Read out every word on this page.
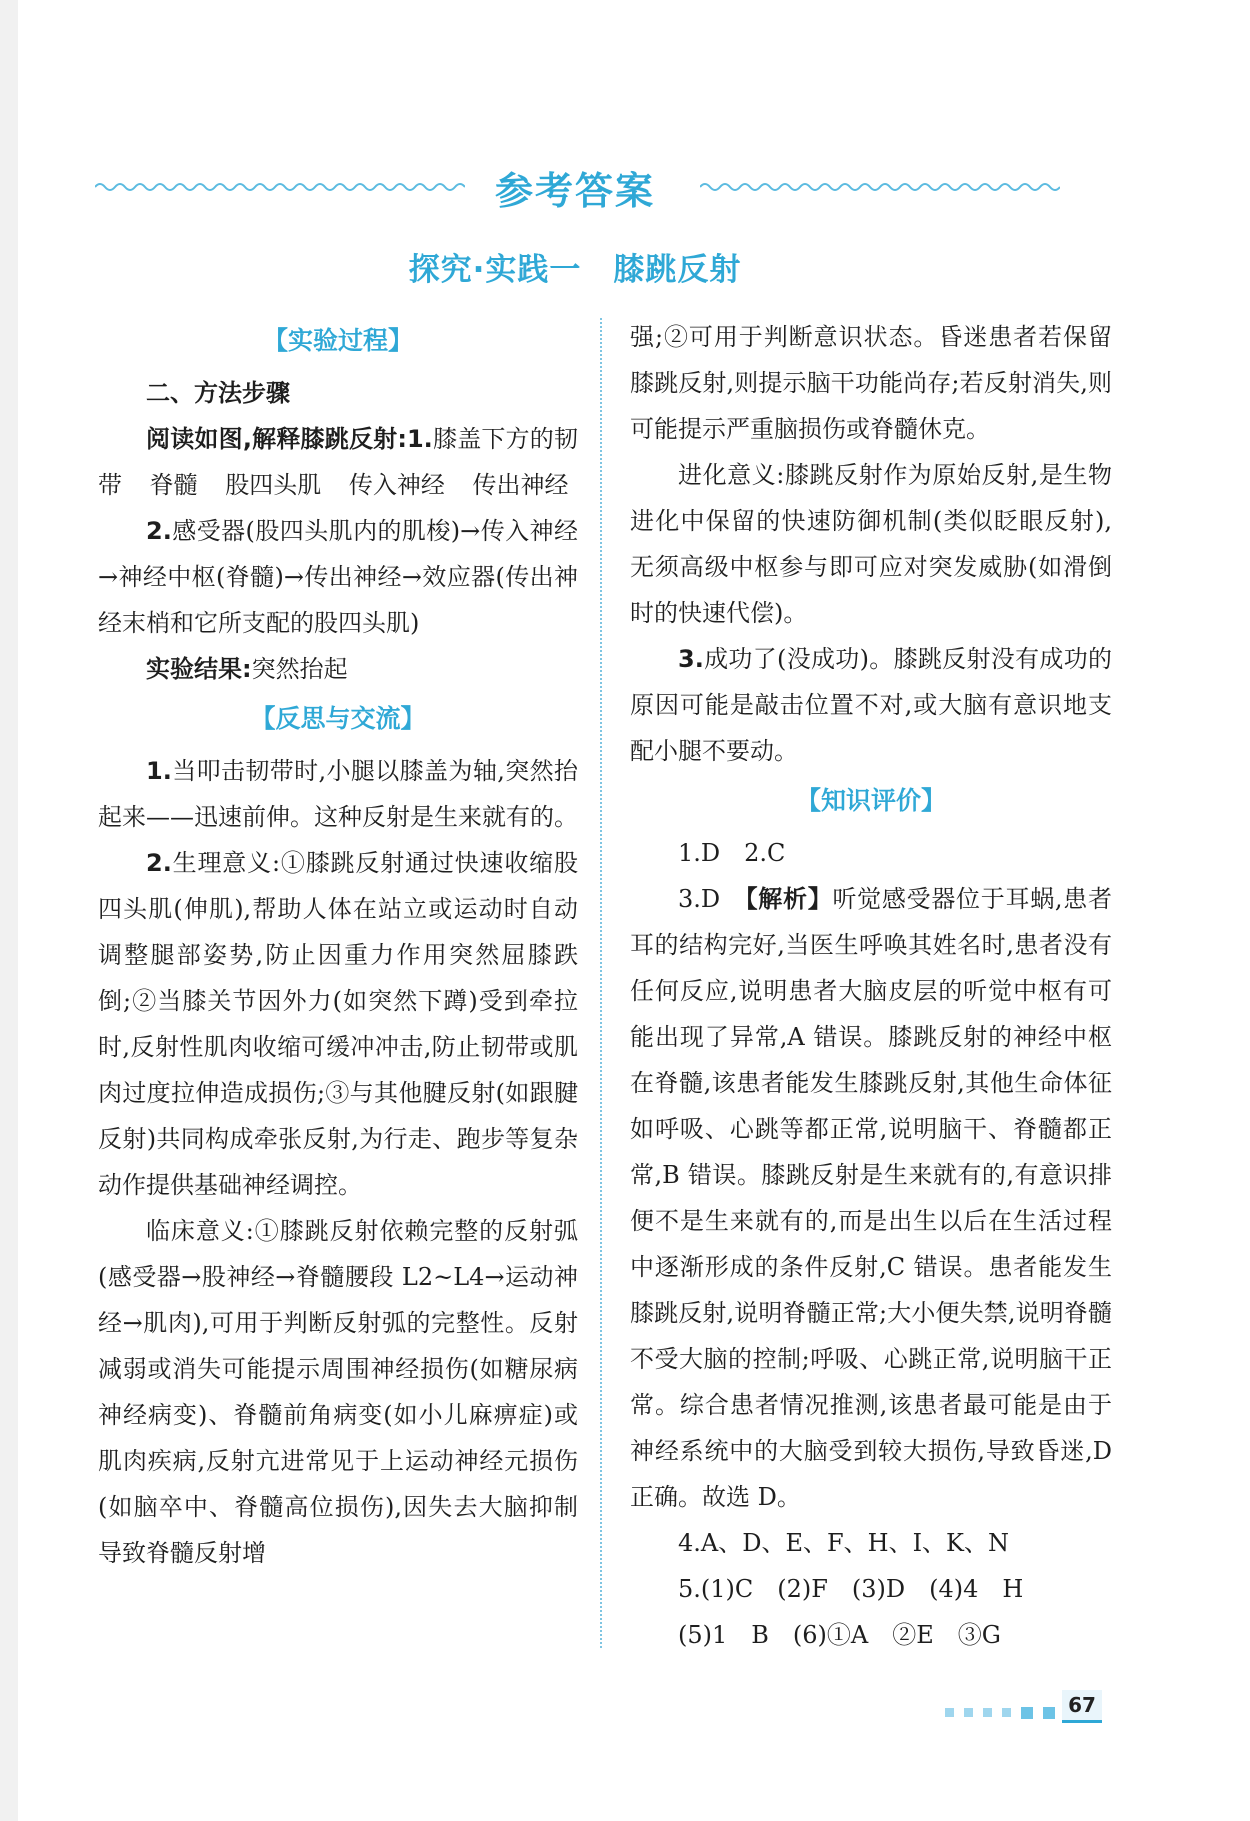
参考答案
探究·实践一　膝跳反射
【实验过程】

二、方法步骤

阅读如图,解释膝跳反射:1.膝盖下方的韧带 脊髓 股四头肌 传入神经 传出神经

2.感受器(股四头肌内的肌梭)→传入神经→神经中枢(脊髓)→传出神经→效应器(传出神经末梢和它所支配的股四头肌)

实验结果:突然抬起

【反思与交流】

1.当叩击韧带时,小腿以膝盖为轴,突然抬起来——迅速前伸。这种反射是生来就有的。

2.生理意义:①膝跳反射通过快速收缩股四头肌(伸肌),帮助人体在站立或运动时自动调整腿部姿势,防止因重力作用突然屈膝跌倒;②当膝关节因外力(如突然下蹲)受到牵拉时,反射性肌肉收缩可缓冲冲击,防止韧带或肌肉过度拉伸造成损伤;③与其他腱反射(如跟腱反射)共同构成牵张反射,为行走、跑步等复杂动作提供基础神经调控。

临床意义:①膝跳反射依赖完整的反射弧(感受器→股神经→脊髓腰段 L2~L4→运动神经→肌肉),可用于判断反射弧的完整性。反射减弱或消失可能提示周围神经损伤(如糖尿病神经病变)、脊髓前角病变(如小儿麻痹症)或肌肉疾病,反射亢进常见于上运动神经元损伤(如脑卒中、脊髓高位损伤),因失去大脑抑制导致脊髓反射增

强;②可用于判断意识状态。昏迷患者若保留膝跳反射,则提示脑干功能尚存;若反射消失,则可能提示严重脑损伤或脊髓休克。

进化意义:膝跳反射作为原始反射,是生物进化中保留的快速防御机制(类似眨眼反射),无须高级中枢参与即可应对突发威胁(如滑倒时的快速代偿)。

3.成功了(没成功)。膝跳反射没有成功的原因可能是敲击位置不对,或大脑有意识地支配小腿不要动。

【知识评价】

1.D　2.C

3.D　【解析】听觉感受器位于耳蜗,患者耳的结构完好,当医生呼唤其姓名时,患者没有任何反应,说明患者大脑皮层的听觉中枢有可能出现了异常,A 错误。膝跳反射的神经中枢在脊髓,该患者能发生膝跳反射,其他生命体征如呼吸、心跳等都正常,说明脑干、脊髓都正常,B 错误。膝跳反射是生来就有的,有意识排便不是生来就有的,而是出生以后在生活过程中逐渐形成的条件反射,C 错误。患者能发生膝跳反射,说明脊髓正常;大小便失禁,说明脊髓不受大脑的控制;呼吸、心跳正常,说明脑干正常。综合患者情况推测,该患者最可能是由于神经系统中的大脑受到较大损伤,导致昏迷,D 正确。故选 D。

4.A、D、E、F、H、I、K、N

5.(1)C　(2)F　(3)D　(4)4　H

(5)1　B　(6)①A　②E　③G

67
